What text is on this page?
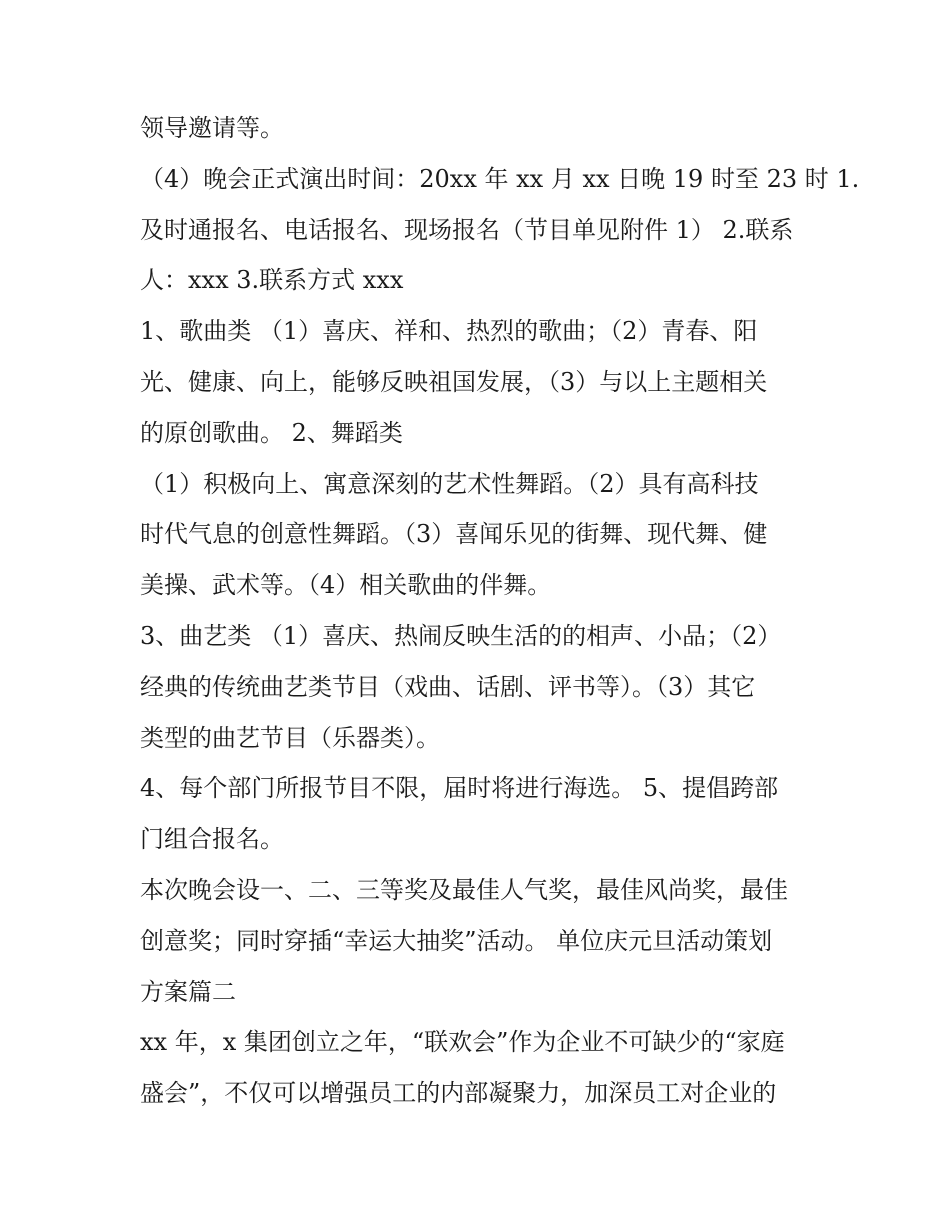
领导邀请等。
（4）晚会正式演出时间：20xx 年 xx 月 xx 日晚 19 时至 23 时 1.
及时通报名、电话报名、现场报名（节目单见附件 1） 2.联系
人：xxx 3.联系方式 xxx
1、歌曲类 （1）喜庆、祥和、热烈的歌曲；（2）青春、阳
光、健康、向上，能够反映祖国发展，（3）与以上主题相关
的原创歌曲。 2、舞蹈类
（1）积极向上、寓意深刻的艺术性舞蹈。（2）具有高科技
时代气息的创意性舞蹈。（3）喜闻乐见的街舞、现代舞、健
美操、武术等。（4）相关歌曲的伴舞。
3、曲艺类 （1）喜庆、热闹反映生活的的相声、小品；（2）
经典的传统曲艺类节目（戏曲、话剧、评书等）。（3）其它
类型的曲艺节目（乐器类）。
4、每个部门所报节目不限，届时将进行海选。 5、提倡跨部
门组合报名。
本次晚会设一、二、三等奖及最佳人气奖，最佳风尚奖，最佳
创意奖；同时穿插“幸运大抽奖”活动。 单位庆元旦活动策划
方案篇二
xx 年，x 集团创立之年，“联欢会”作为企业不可缺少的“家庭
盛会”，不仅可以增强员工的内部凝聚力，加深员工对企业的
